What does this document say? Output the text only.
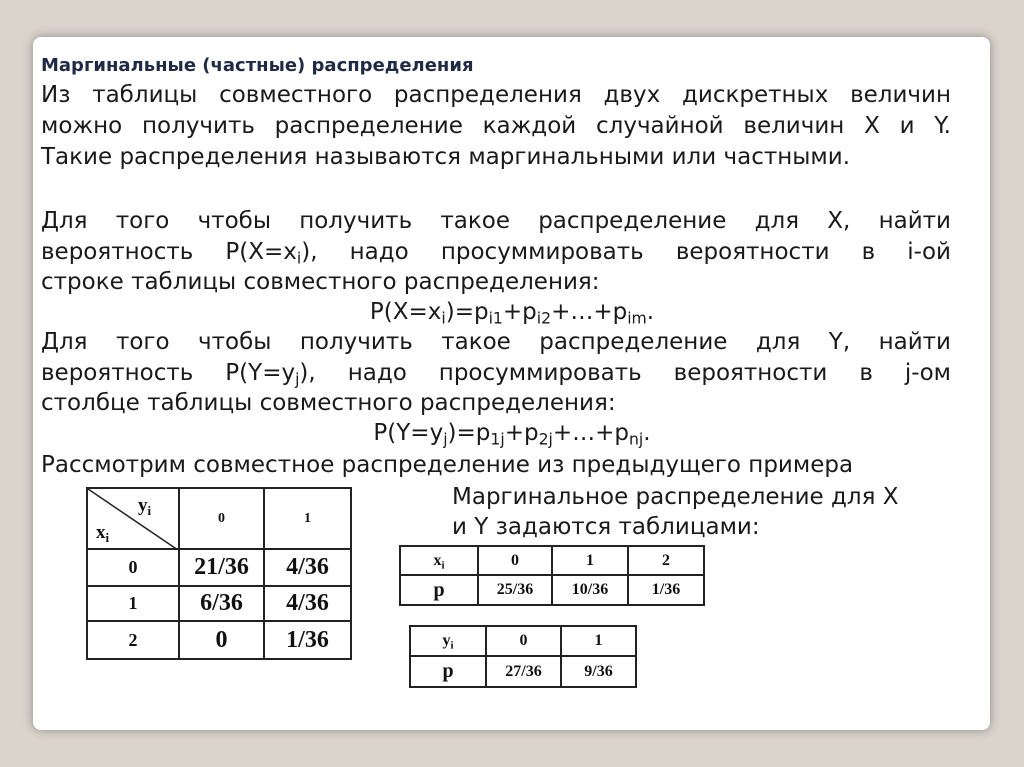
Маргинальные (частные) распределения
Из таблицы совместного распределения двух дискретных величин
можно получить распределение каждой случайной величин X и Y.
Такие распределения называются маргинальными или частными.
Для того чтобы получить такое распределение для X, найти
вероятность $P(X=x_i)$, надо просуммировать вероятности в i-ой
строке таблицы совместного распределения:
$P(X=x_i)=p_{i1}+p_{i2}+\dots+p_{im}$.
Для того чтобы получить такое распределение для Y, найти
вероятность $P(Y=y_j)$, надо просуммировать вероятности в j-ом
столбце таблицы совместного распределения:
$P(Y=y_j)=p_{1j}+p_{2j}+\dots+p_{nj}$.
Рассмотрим совместное распределение из предыдущего примера
Маргинальное распределение для X
и Y задаются таблицами:
$y_i$
$x_i$	0	1
0	21/36	4/36
1	6/36	4/36
2	0	1/36
$x_i$	0	1	2
p	25/36	10/36	1/36
$y_i$	0	1
p	27/36	9/36
